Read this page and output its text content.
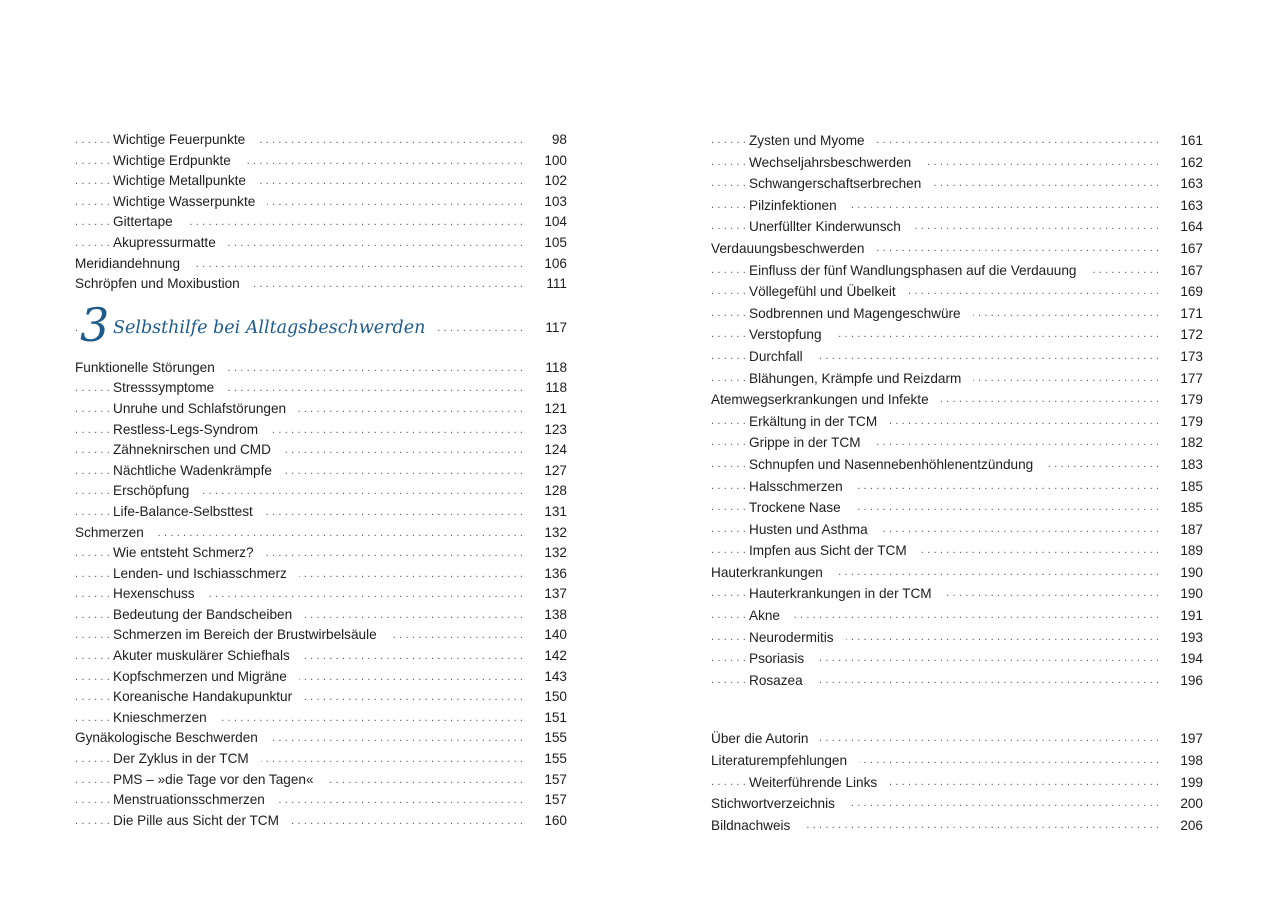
.....
Wichtige Feuerpunkte	98
.....
Wichtige Erdpunkte	100
.....
Wichtige Metallpunkte	102
.....
Wichtige Wasserpunkte	103
.....
Gittertape	104
.....
Akupressurmatte	105
.....
Meridiandehnung	106
.....
Schröpfen und Moxibustion	111
.....
3 Selbsthilfe bei Alltagsbeschwerden	117
.....
Funktionelle Störungen	118
.....
Stresssymptome	118
.....
Unruhe und Schlafstörungen	121
.....
Restless-Legs-Syndrom	123
.....
Zähneknirschen und CMD	124
.....
Nächtliche Wadenkrämpfe	127
.....
Erschöpfung	128
.....
Life-Balance-Selbsttest	131
.....
Schmerzen	132
.....
Wie entsteht Schmerz?	132
.....
Lenden- und Ischiasschmerz	136
.....
Hexenschuss	137
.....
Bedeutung der Bandscheiben	138
.....
Schmerzen im Bereich der Brustwirbelsäule	140
.....
Akuter muskulärer Schiefhals	142
.....
Kopfschmerzen und Migräne	143
.....
Koreanische Handakupunktur	150
.....
Knieschmerzen	151
.....
Gynäkologische Beschwerden	155
.....
Der Zyklus in der TCM	155
.....
PMS – »die Tage vor den Tagen«	157
.....
Menstruationsschmerzen	157
.....
Die Pille aus Sicht der TCM	160
.....
Zysten und Myome	161
.....
Wechseljahrsbeschwerden	162
.....
Schwangerschaftserbrechen	163
.....
Pilzinfektionen	163
.....
Unerfüllter Kinderwunsch	164
.....
Verdauungsbeschwerden	167
.....
Einfluss der fünf Wandlungsphasen auf die Verdauung	167
.....
Völlegefühl und Übelkeit	169
.....
Sodbrennen und Magengeschwüre	171
.....
Verstopfung	172
.....
Durchfall	173
.....
Blähungen, Krämpfe und Reizdarm	177
.....
Atemwegserkrankungen und Infekte	179
.....
Erkältung in der TCM	179
.....
Grippe in der TCM	182
.....
Schnupfen und Nasennebenhöhlenentzündung	183
.....
Halsschmerzen	185
.....
Trockene Nase	185
.....
Husten und Asthma	187
.....
Impfen aus Sicht der TCM	189
.....
Hauterkrankungen	190
.....
Hauterkrankungen in der TCM	190
.....
Akne	191
.....
Neurodermitis	193
.....
Psoriasis	194
.....
Rosazea	196
.....
Über die Autorin	197
.....
Literaturempfehlungen	198
.....
Weiterführende Links	199
.....
Stichwortverzeichnis	200
.....
Bildnachweis	206
